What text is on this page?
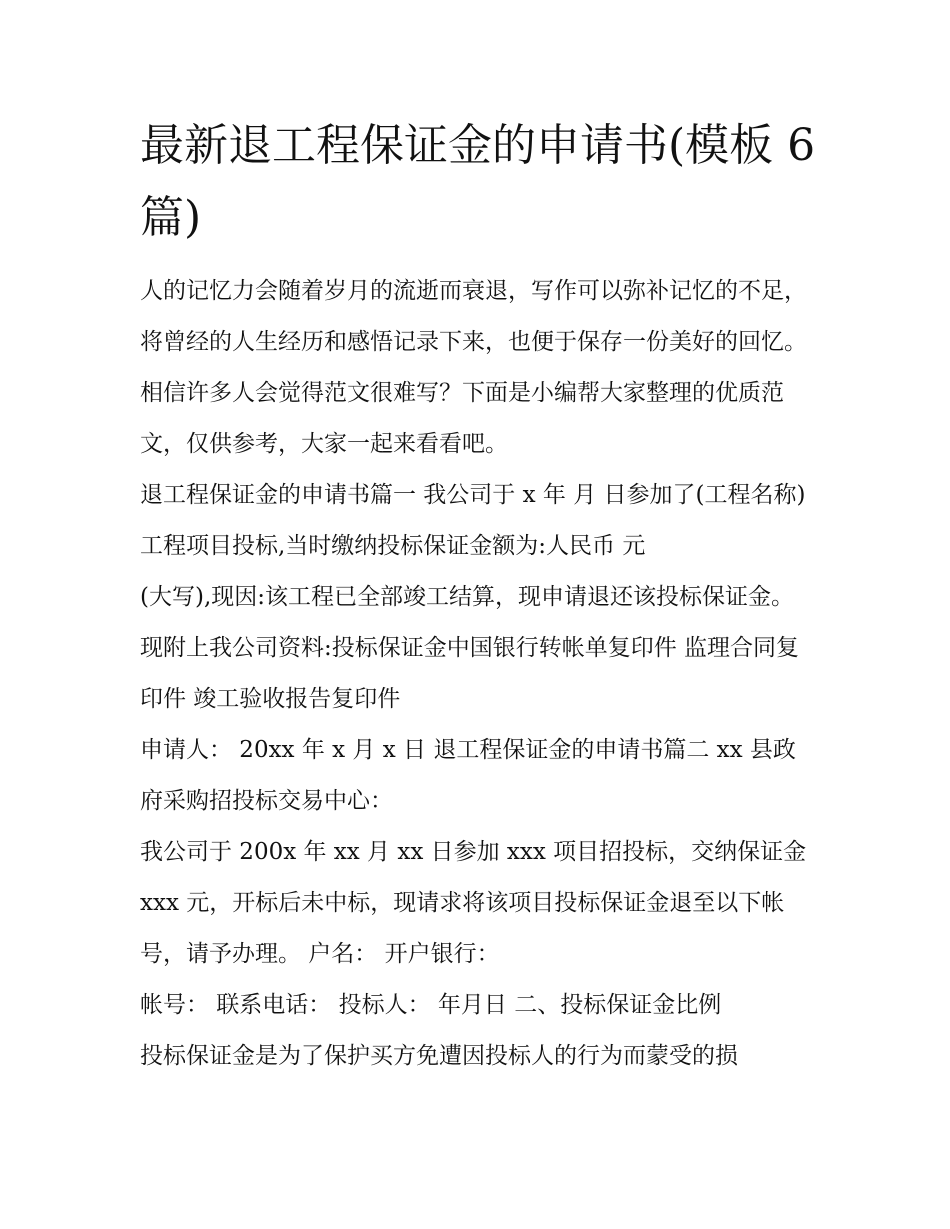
最新退工程保证金的申请书(模板 6 篇)

人的记忆力会随着岁月的流逝而衰退，写作可以弥补记忆的不足，将曾经的人生经历和感悟记录下来，也便于保存一份美好的回忆。相信许多人会觉得范文很难写？下面是小编帮大家整理的优质范文，仅供参考，大家一起来看看吧。

退工程保证金的申请书篇一 我公司于 x 年 月 日参加了(工程名称)工程项目投标,当时缴纳投标保证金额为:人民币 元
(大写),现因:该工程已全部竣工结算，现申请退还该投标保证金。 现附上我公司资料:投标保证金中国银行转帐单复印件 监理合同复印件 竣工验收报告复印件

申请人： 20xx 年 x 月 x 日 退工程保证金的申请书篇二 xx 县政府采购招投标交易中心：

我公司于 200x 年 xx 月 xx 日参加 xxx 项目招投标，交纳保证金 xxx 元，开标后未中标，现请求将该项目投标保证金退至以下帐号，请予办理。 户名： 开户银行：

帐号： 联系电话： 投标人： 年月日 二、投标保证金比例

投标保证金是为了保护买方免遭因投标人的行为而蒙受的损
